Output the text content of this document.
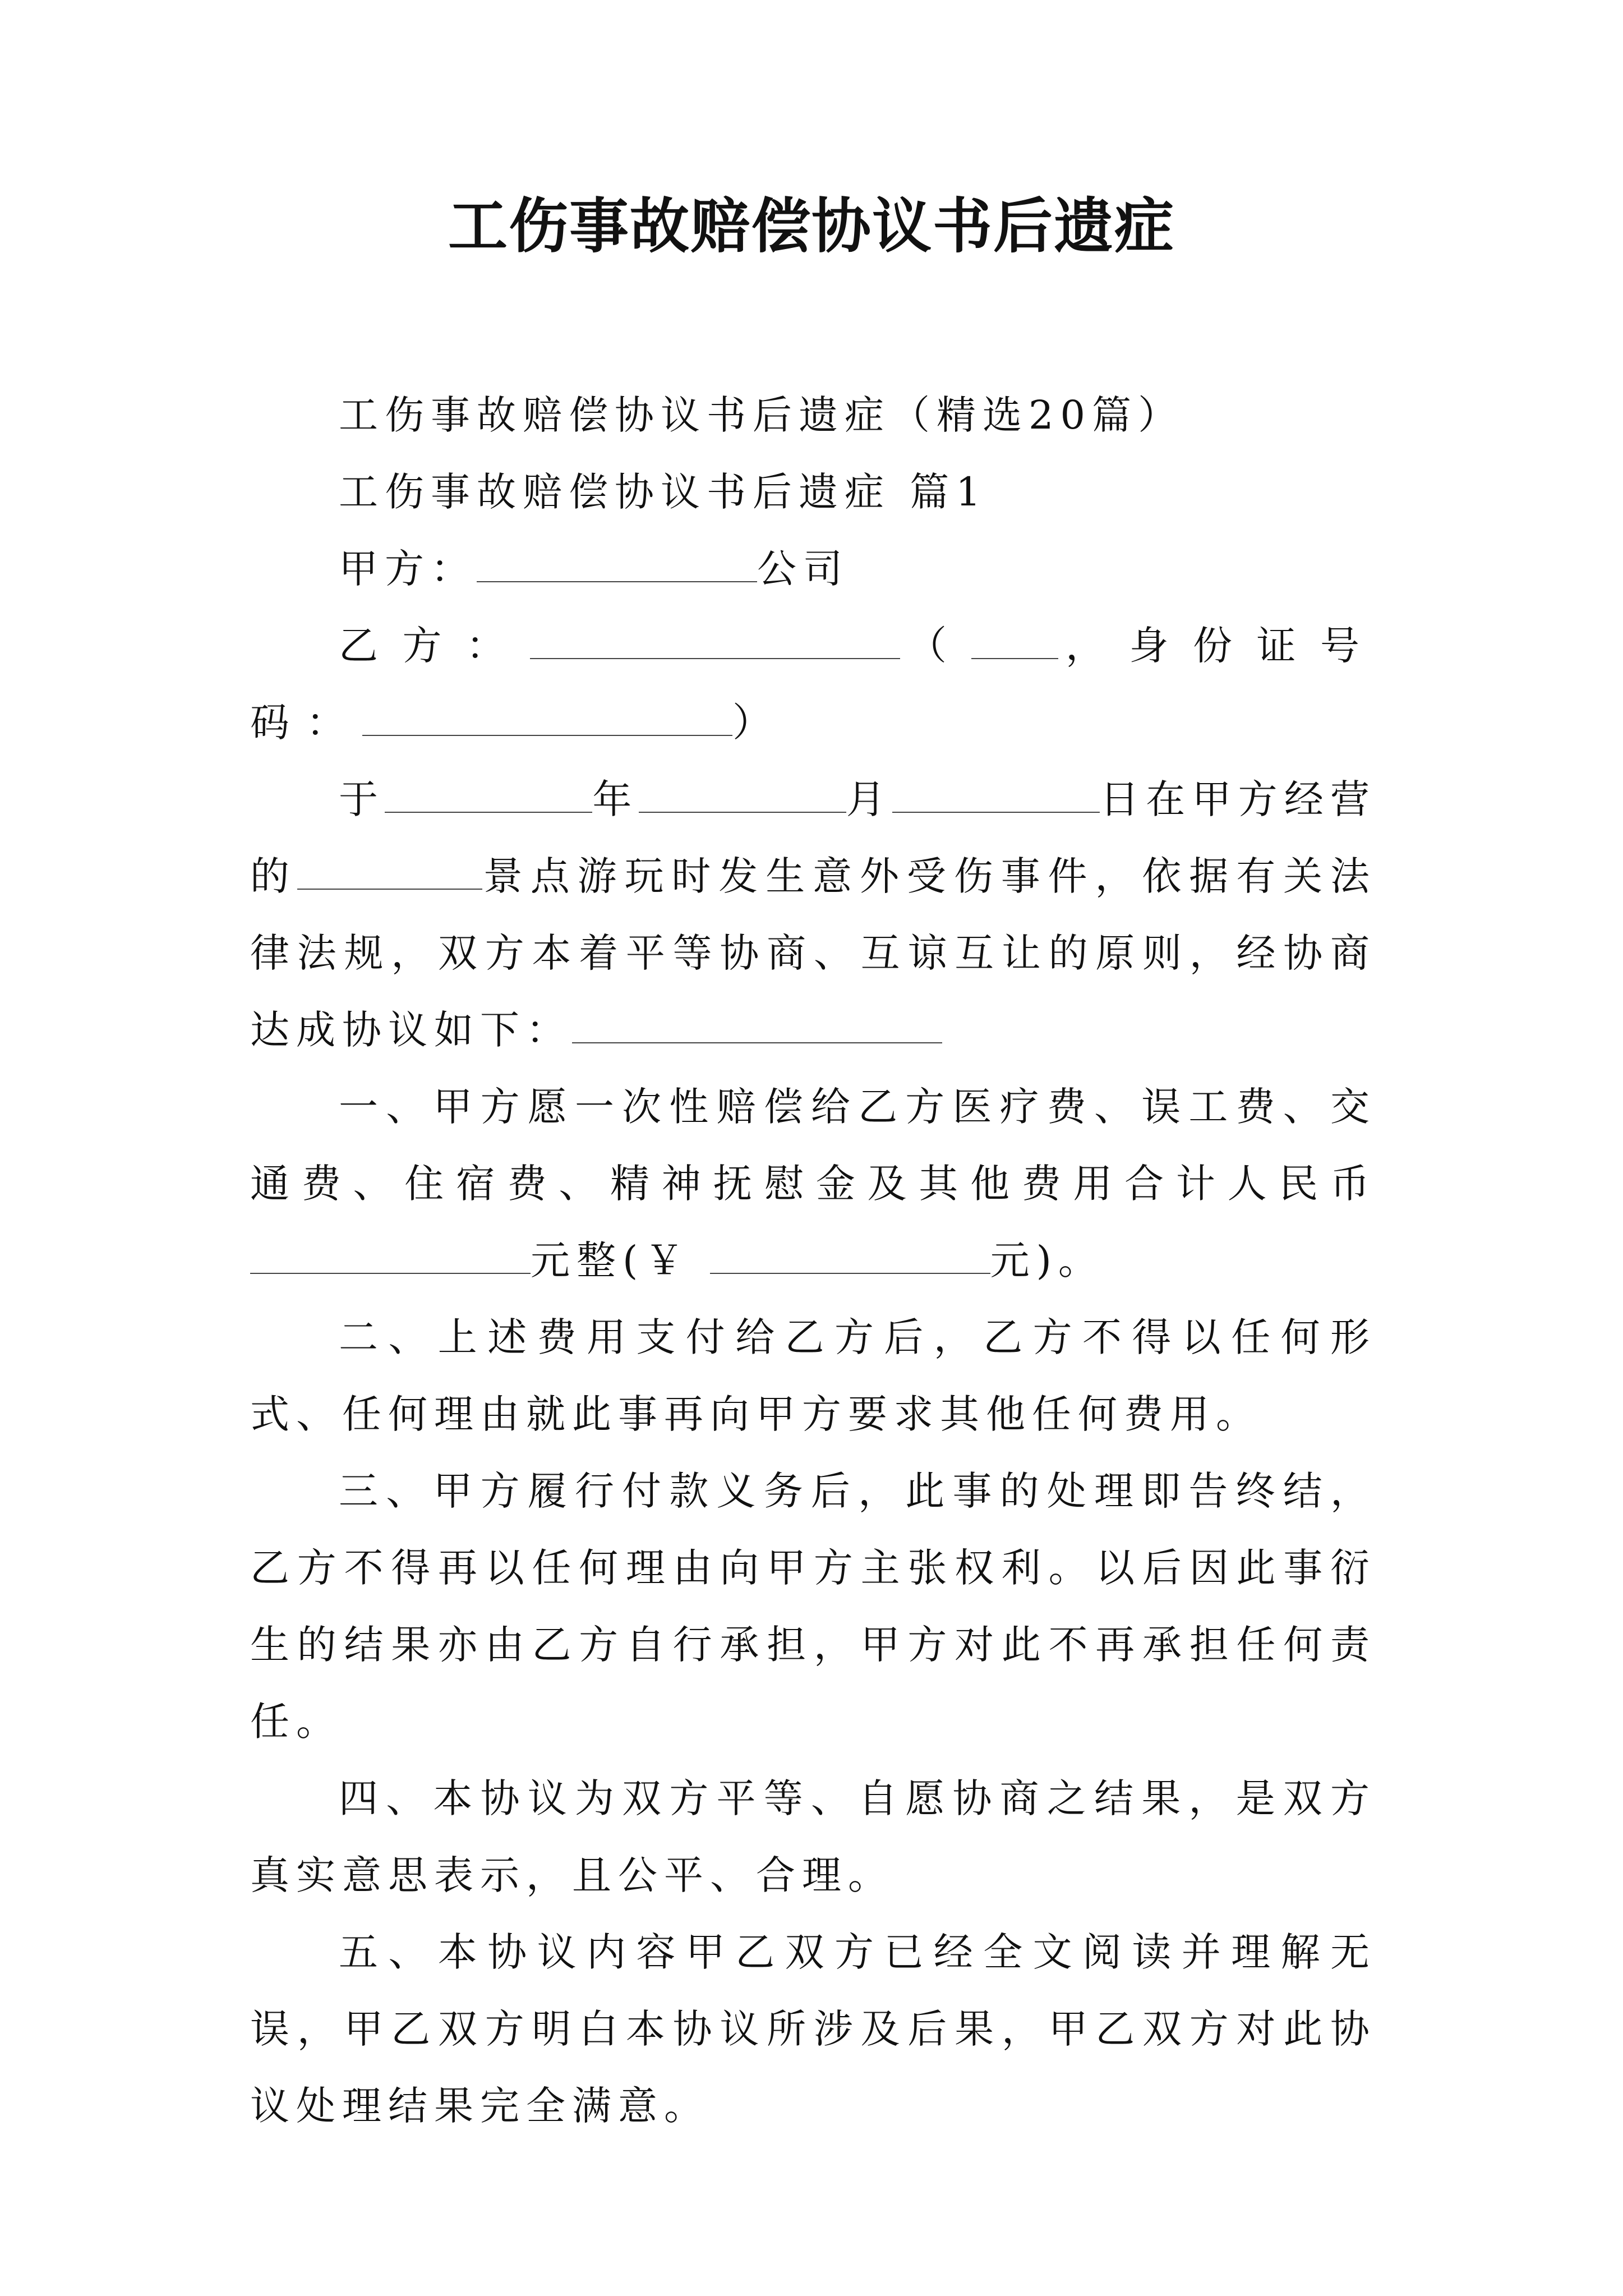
工伤事故赔偿协议书后遗症

工伤事故赔偿协议书后遗症（精选20篇）

工伤事故赔偿协议书后遗症 篇1

甲方：	公司

乙方：	（ ，身份证号码：	）

于	年	月	日在甲方经营的	景点游玩时发生意外受伤事件，依据有关法律法规，双方本着平等协商、互谅互让的原则，经协商达成协议如下：

一、甲方愿一次性赔偿给乙方医疗费、误工费、交通费、住宿费、精神抚慰金及其他费用合计人民币 元整(￥	元)。

二、上述费用支付给乙方后，乙方不得以任何形式、任何理由就此事再向甲方要求其他任何费用。

三、甲方履行付款义务后，此事的处理即告终结，乙方不得再以任何理由向甲方主张权利。以后因此事衍生的结果亦由乙方自行承担，甲方对此不再承担任何责任。

四、本协议为双方平等、自愿协商之结果，是双方真实意思表示，且公平、合理。

五、本协议内容甲乙双方已经全文阅读并理解无误，甲乙双方明白本协议所涉及后果，甲乙双方对此协议处理结果完全满意。
